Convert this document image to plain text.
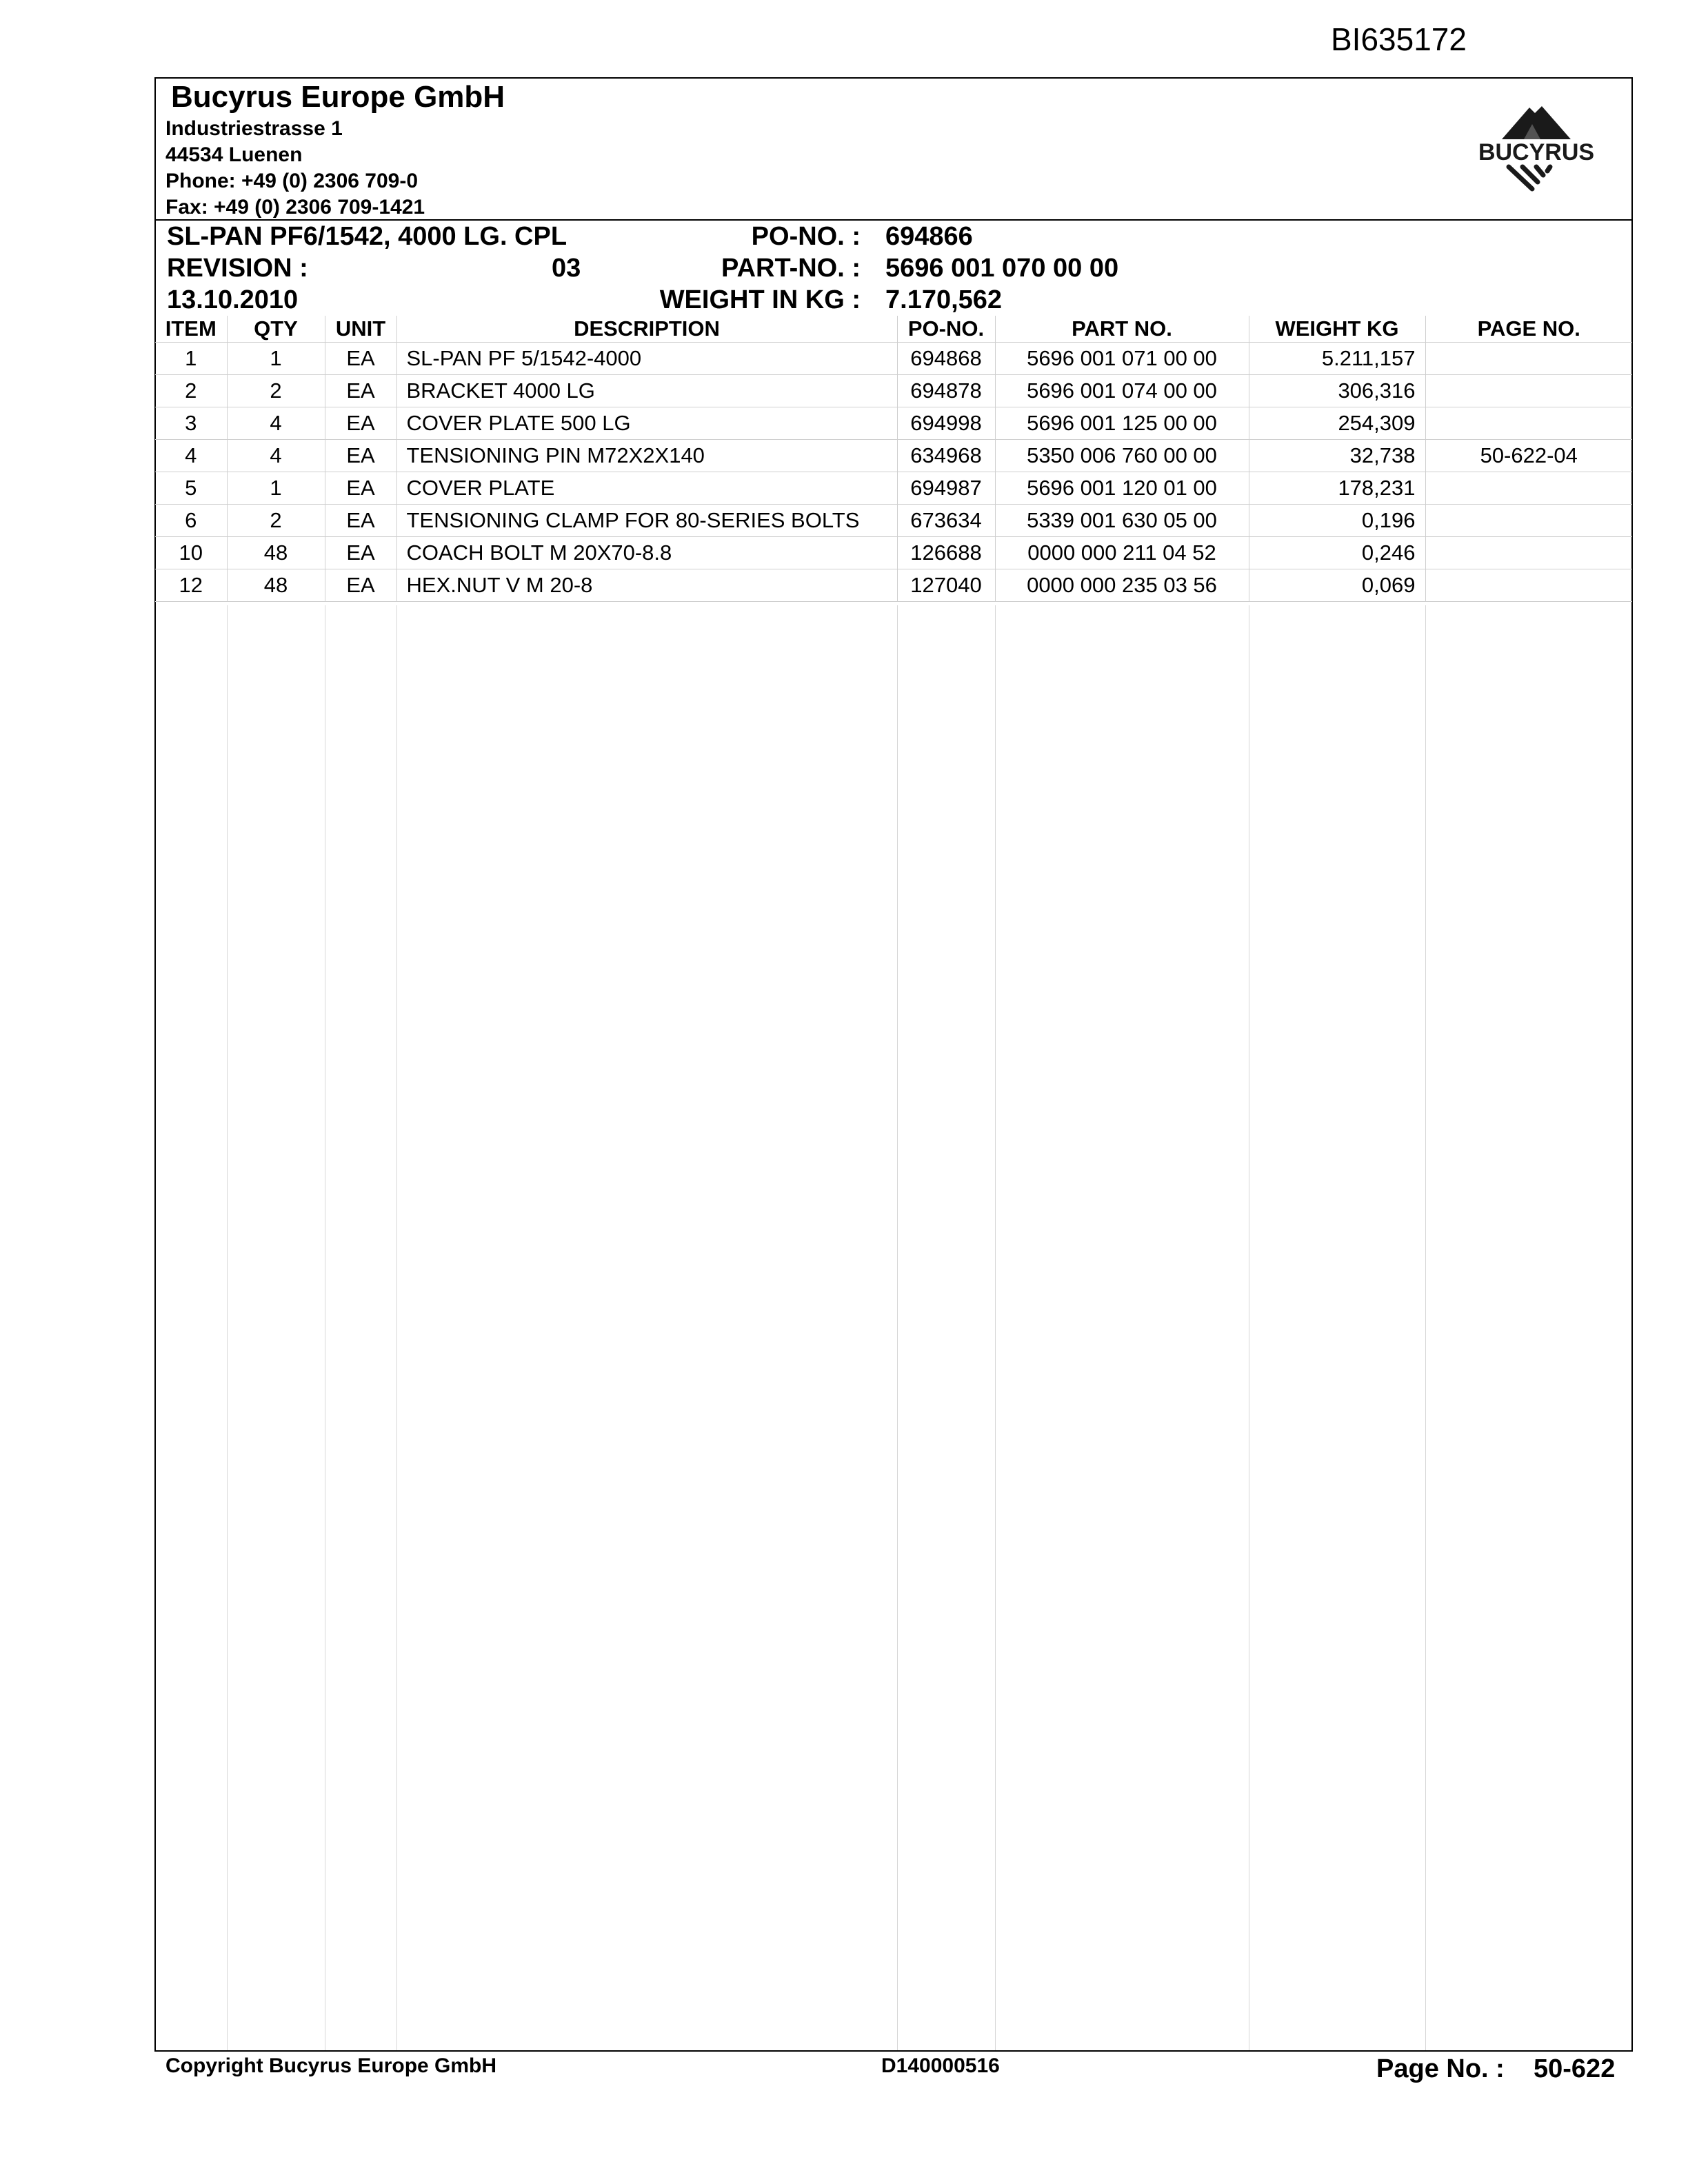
BI635172
Bucyrus Europe GmbH
Industriestrasse 1
44534 Luenen
Phone: +49 (0) 2306 709-0
Fax: +49 (0) 2306 709-1421
BUCYRUS
SL-PAN PF6/1542, 4000 LG. CPL
REVISION :	03
13.10.2010
PO-NO. : 694866
PART-NO. : 5696 001 070 00 00
WEIGHT IN KG : 7.170,562
ITEM	QTY	UNIT	DESCRIPTION	PO-NO.	PART NO.	WEIGHT KG	PAGE NO.
1	1	EA	SL-PAN PF 5/1542-4000	694868	5696 001 071 00 00	5.211,157	
2	2	EA	BRACKET 4000 LG	694878	5696 001 074 00 00	306,316	
3	4	EA	COVER PLATE 500 LG	694998	5696 001 125 00 00	254,309	
4	4	EA	TENSIONING PIN M72X2X140	634968	5350 006 760 00 00	32,738	50-622-04
5	1	EA	COVER PLATE	694987	5696 001 120 01 00	178,231	
6	2	EA	TENSIONING CLAMP FOR 80-SERIES BOLTS	673634	5339 001 630 05 00	0,196	
10	48	EA	COACH BOLT M 20X70-8.8	126688	0000 000 211 04 52	0,246	
12	48	EA	HEX.NUT V M 20-8	127040	0000 000 235 03 56	0,069	
Copyright Bucyrus Europe GmbH	D140000516	Page No. : 50-622
